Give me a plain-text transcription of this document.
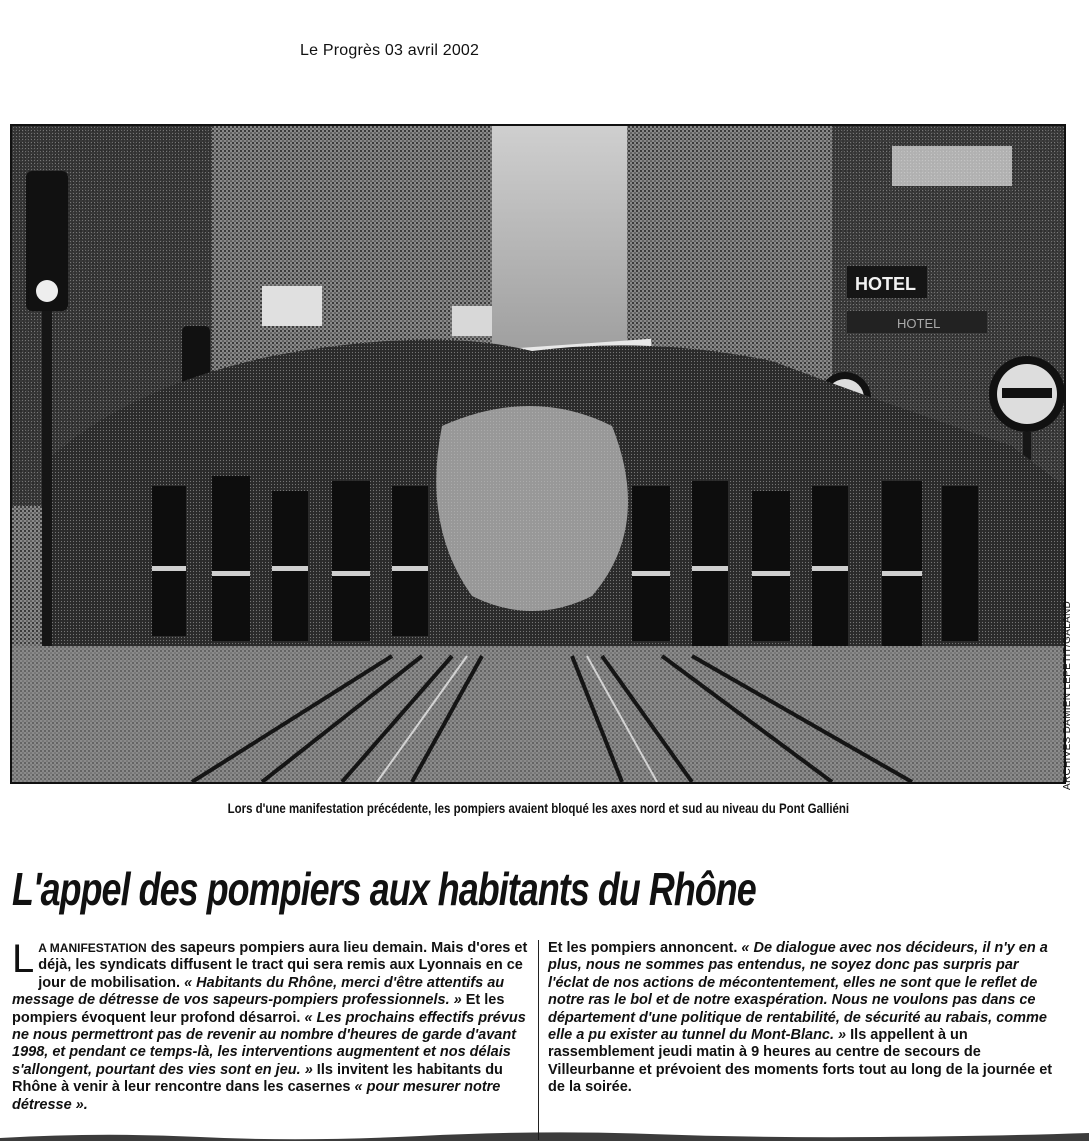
Le Progrès 03 avril 2002
HOTEL
HOTEL
ARCHIVES DAMIEN LEPETIT/GALAND
Lors d'une manifestation précédente, les pompiers avaient bloqué les axes nord et sud au niveau du Pont Galliéni
L'appel des pompiers aux habitants du Rhône
L A MANIFESTATION des sapeurs pompiers aura lieu demain. Mais d'ores et déjà, les syndicats diffusent le tract qui sera remis aux Lyonnais en ce jour de mobilisation. « Habitants du Rhône, merci d'être attentifs au message de détresse de vos sapeurs-pompiers professionnels. » Et les pompiers évoquent leur profond désarroi. « Les prochains effectifs prévus ne nous permettront pas de revenir au nombre d'heures de garde d'avant 1998, et pendant ce temps-là, les interventions augmentent et nos délais s'allongent, pourtant des vies sont en jeu. » Ils invitent les habitants du Rhône à venir à leur rencontre dans les casernes « pour mesurer notre détresse ».
Et les pompiers annoncent. « De dialogue avec nos décideurs, il n'y en a plus, nous ne sommes pas entendus, ne soyez donc pas surpris par l'éclat de nos actions de mécontentement, elles ne sont que le reflet de notre ras le bol et de notre exaspération. Nous ne voulons pas dans ce département d'une politique de rentabilité, de sécurité au rabais, comme elle a pu exister au tunnel du Mont-Blanc. » Ils appellent à un rassemblement jeudi matin à 9 heures au centre de secours de Villeurbanne et prévoient des moments forts tout au long de la journée et de la soirée.
